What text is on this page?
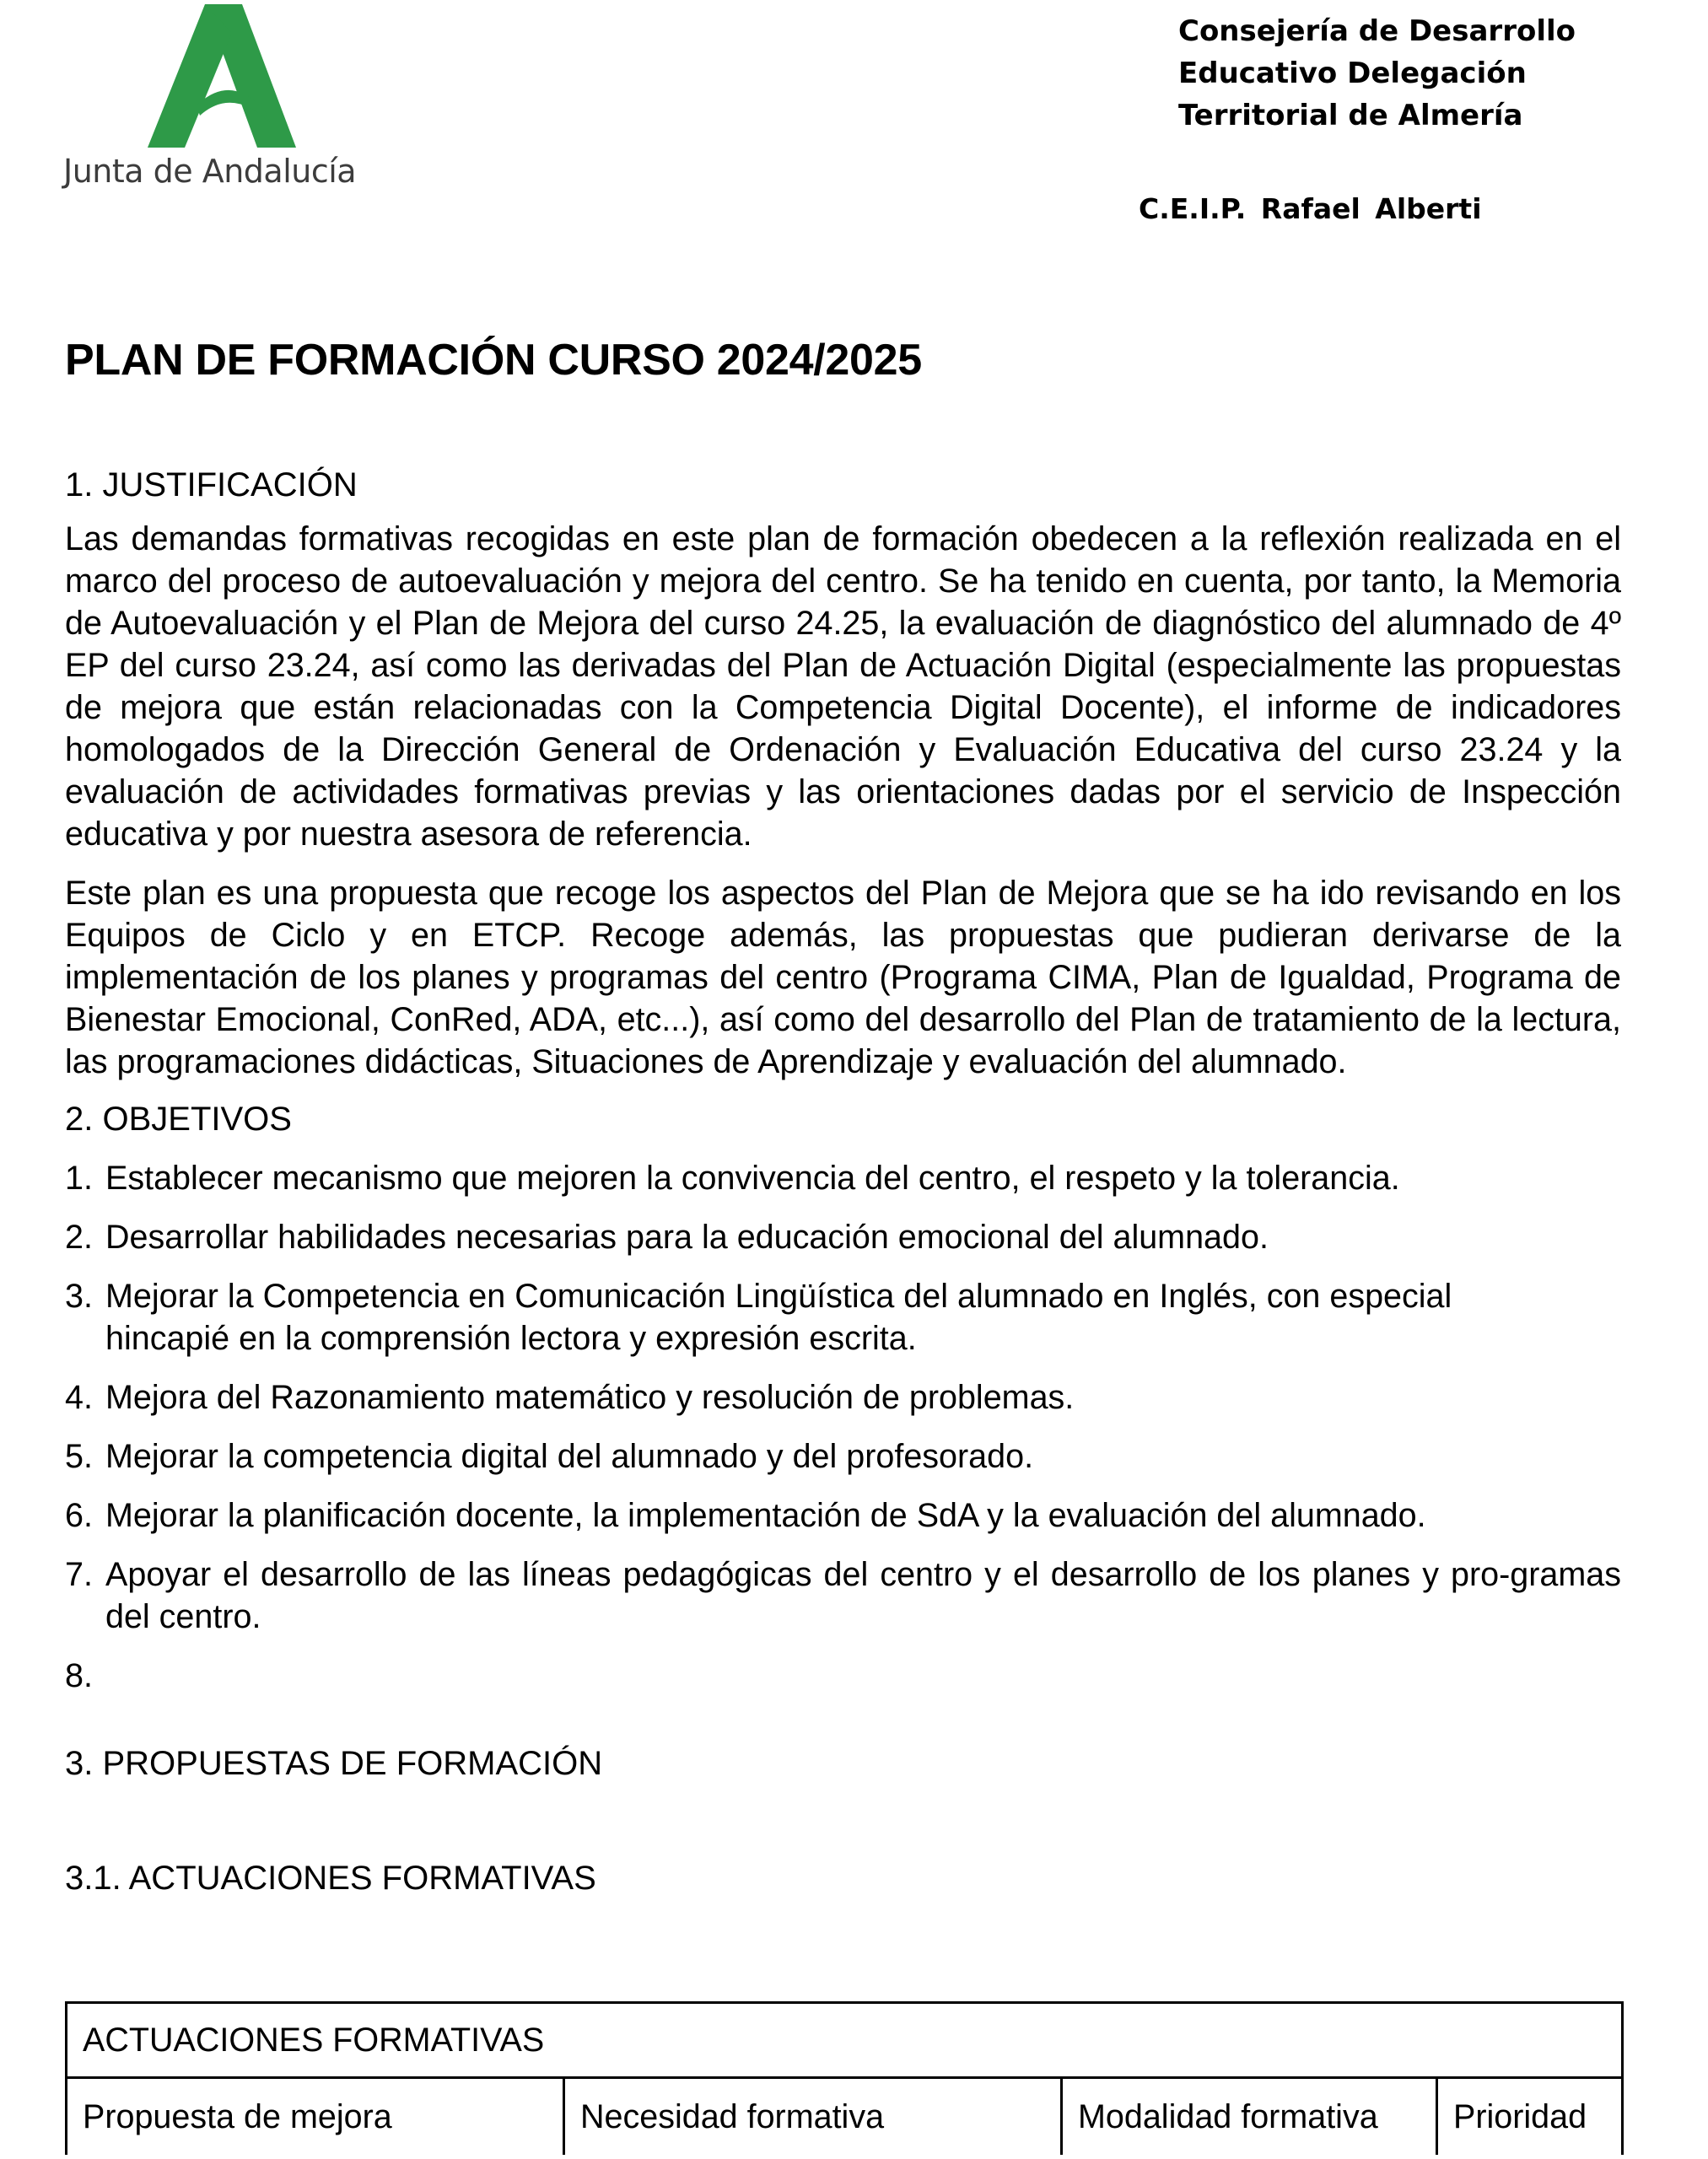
Junta de Andalucía
Consejería de Desarrollo
Educativo Delegación
Territorial de Almería
C.E.I.P. Rafael Alberti
PLAN DE FORMACIÓN CURSO 2024/2025
1. JUSTIFICACIÓN

Las demandas formativas recogidas en este plan de formación obedecen a la reflexión realizada en el marco del proceso de autoevaluación y mejora del centro. Se ha tenido en cuenta, por tanto, la Memoria de Autoevaluación y el Plan de Mejora del curso 24.25, la evaluación de diagnóstico del alumnado de 4º EP del curso 23.24, así como las derivadas del Plan de Actuación Digital (especialmente las propuestas de mejora que están relacionadas con la Competencia Digital Docente), el informe de indicadores homologados de la Dirección General de Ordenación y Evaluación Educativa del curso 23.24 y la evaluación de actividades formativas previas y las orientaciones dadas por el servicio de Inspección educativa y por nuestra asesora de referencia.

Este plan es una propuesta que recoge los aspectos del Plan de Mejora que se ha ido revisando en los Equipos de Ciclo y en ETCP. Recoge además, las propuestas que pudieran derivarse de la implementación de los planes y programas del centro (Programa CIMA, Plan de Igualdad, Programa de Bienestar Emocional, ConRed, ADA, etc...), así como del desarrollo del Plan de tratamiento de la lectura, las programaciones didácticas, Situaciones de Aprendizaje y evaluación del alumnado.

2. OBJETIVOS
1. Establecer mecanismo que mejoren la convivencia del centro, el respeto y la tolerancia.
2. Desarrollar habilidades necesarias para la educación emocional del alumnado.
3. Mejorar la Competencia en Comunicación Lingüística del alumnado en Inglés, con especial hincapié en la comprensión lectora y expresión escrita.
4. Mejora del Razonamiento matemático y resolución de problemas.
5. Mejorar la competencia digital del alumnado y del profesorado.
6. Mejorar la planificación docente, la implementación de SdA y la evaluación del alumnado.
7. Apoyar el desarrollo de las líneas pedagógicas del centro y el desarrollo de los planes y pro-gramas del centro.
8.
3. PROPUESTAS DE FORMACIÓN
3.1. ACTUACIONES FORMATIVAS
ACTUACIONES FORMATIVAS
Propuesta de mejora	Necesidad formativa	Modalidad formativa	Prioridad
